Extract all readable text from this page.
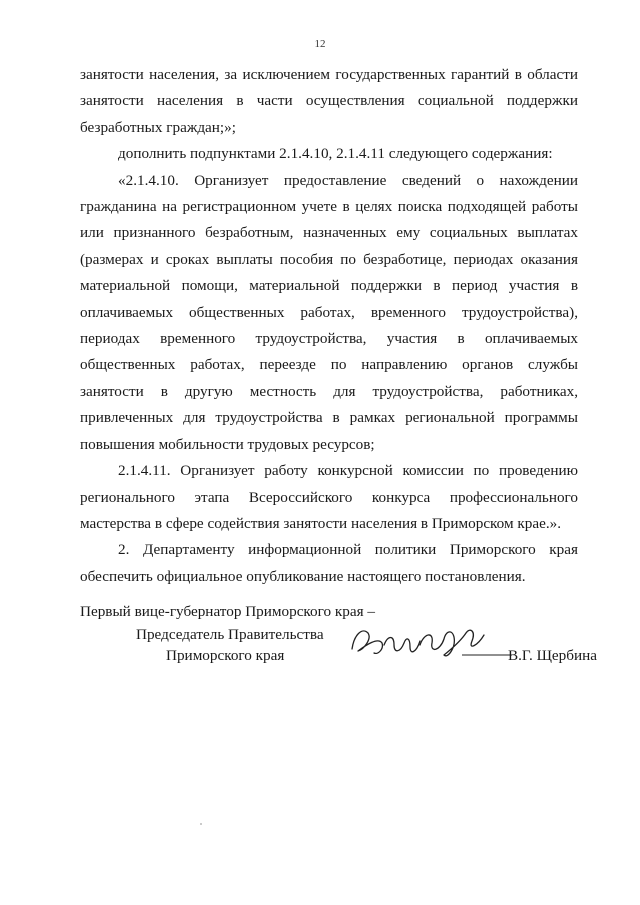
12

занятости населения, за исключением государственных гарантий в области занятости населения в части осуществления социальной поддержки безработных граждан;»;

дополнить подпунктами 2.1.4.10, 2.1.4.11 следующего содержания:

«2.1.4.10. Организует предоставление сведений о нахождении гражданина на регистрационном учете в целях поиска подходящей работы или признанного безработным, назначенных ему социальных выплатах (размерах и сроках выплаты пособия по безработице, периодах оказания материальной помощи, материальной поддержки в период участия в оплачиваемых общественных работах, временного трудоустройства), периодах временного трудоустройства, участия в оплачиваемых общественных работах, переезде по направлению органов службы занятости в другую местность для трудоустройства, работниках, привлеченных для трудоустройства в рамках региональной программы повышения мобильности трудовых ресурсов;

2.1.4.11. Организует работу конкурсной комиссии по проведению регионального этапа Всероссийского конкурса профессионального мастерства в сфере содействия занятости населения в Приморском крае.».

2. Департаменту информационной политики Приморского края обеспечить официальное опубликование настоящего постановления.

Первый вице-губернатор Приморского края –
Председатель Правительства
Приморского края	В.Г. Щербина
